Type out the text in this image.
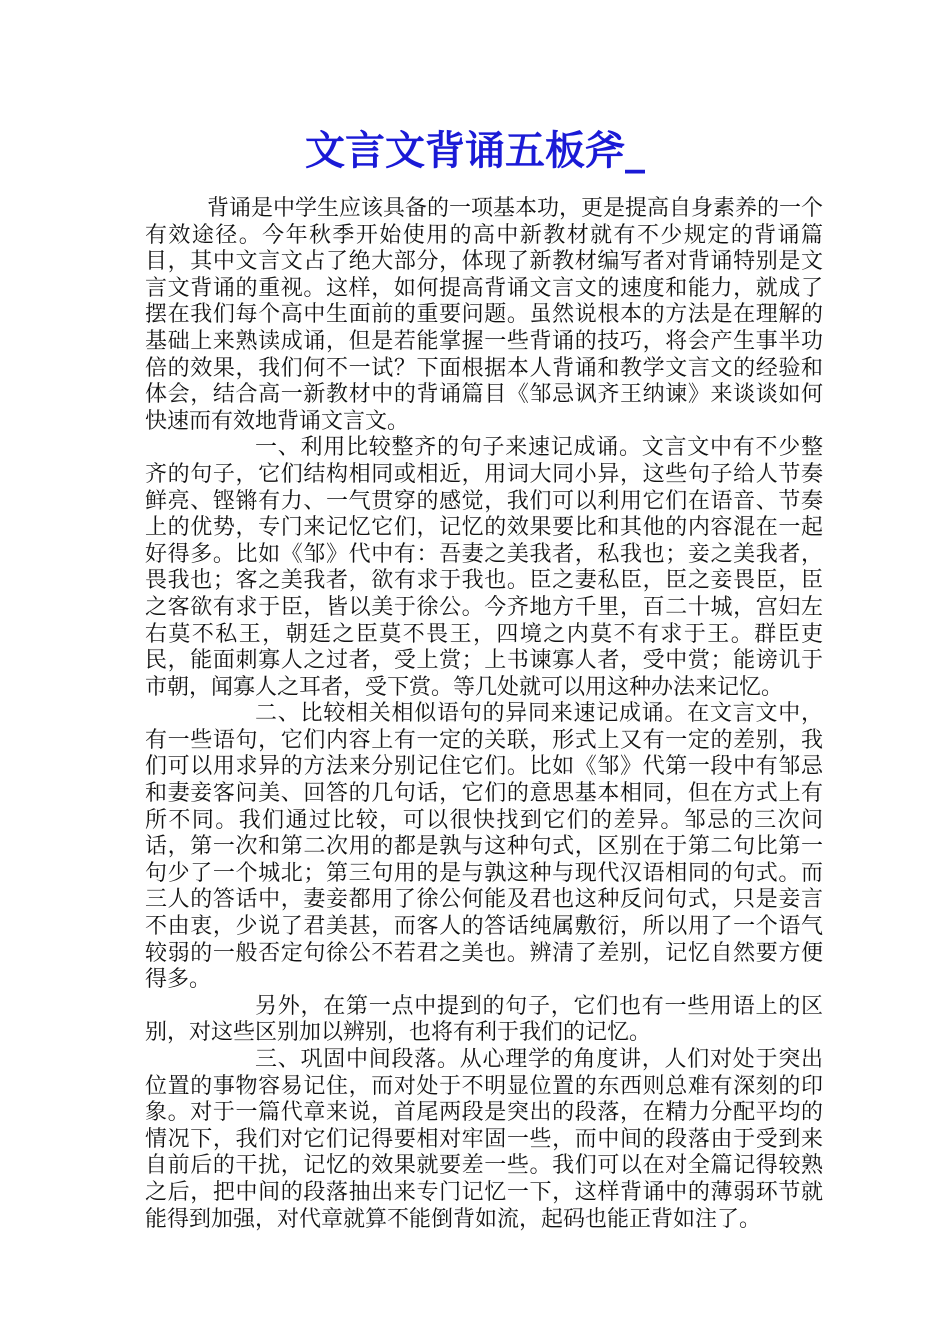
文言文背诵五板斧_

背诵是中学生应该具备的一项基本功，更是提高自身素养的一个有效途径。今年秋季开始使用的高中新教材就有不少规定的背诵篇目，其中文言文占了绝大部分，体现了新教材编写者对背诵特别是文言文背诵的重视。这样，如何提高背诵文言文的速度和能力，就成了摆在我们每个高中生面前的重要问题。虽然说根本的方法是在理解的基础上来熟读成诵，但是若能掌握一些背诵的技巧，将会产生事半功倍的效果，我们何不一试？下面根据本人背诵和教学文言文的经验和体会，结合高一新教材中的背诵篇目《邹忌讽齐王纳谏》来谈谈如何快速而有效地背诵文言文。

一、利用比较整齐的句子来速记成诵。文言文中有不少整齐的句子，它们结构相同或相近，用词大同小异，这些句子给人节奏鲜亮、铿锵有力、一气贯穿的感觉，我们可以利用它们在语音、节奏上的优势，专门来记忆它们，记忆的效果要比和其他的内容混在一起好得多。比如《邹》代中有：吾妻之美我者，私我也；妾之美我者，畏我也；客之美我者，欲有求于我也。臣之妻私臣，臣之妾畏臣，臣之客欲有求于臣，皆以美于徐公。今齐地方千里，百二十城，宫妇左右莫不私王，朝廷之臣莫不畏王，四境之内莫不有求于王。群臣吏民，能面刺寡人之过者，受上赏；上书谏寡人者，受中赏；能谤讥于市朝，闻寡人之耳者，受下赏。等几处就可以用这种办法来记忆。

二、比较相关相似语句的异同来速记成诵。在文言文中，有一些语句，它们内容上有一定的关联，形式上又有一定的差别，我们可以用求异的方法来分别记住它们。比如《邹》代第一段中有邹忌和妻妾客问美、回答的几句话，它们的意思基本相同，但在方式上有所不同。我们通过比较，可以很快找到它们的差异。邹忌的三次问话，第一次和第二次用的都是孰与这种句式，区别在于第二句比第一句少了一个城北；第三句用的是与孰这种与现代汉语相同的句式。而三人的答话中，妻妾都用了徐公何能及君也这种反问句式，只是妾言不由衷，少说了君美甚，而客人的答话纯属敷衍，所以用了一个语气较弱的一般否定句徐公不若君之美也。辨清了差别，记忆自然要方便得多。

另外，在第一点中提到的句子，它们也有一些用语上的区别，对这些区别加以辨别，也将有利于我们的记忆。

三、巩固中间段落。从心理学的角度讲，人们对处于突出位置的事物容易记住，而对处于不明显位置的东西则总难有深刻的印象。对于一篇代章来说，首尾两段是突出的段落，在精力分配平均的情况下，我们对它们记得要相对牢固一些，而中间的段落由于受到来自前后的干扰，记忆的效果就要差一些。我们可以在对全篇记得较熟之后，把中间的段落抽出来专门记忆一下，这样背诵中的薄弱环节就能得到加强，对代章就算不能倒背如流，起码也能正背如注了。
